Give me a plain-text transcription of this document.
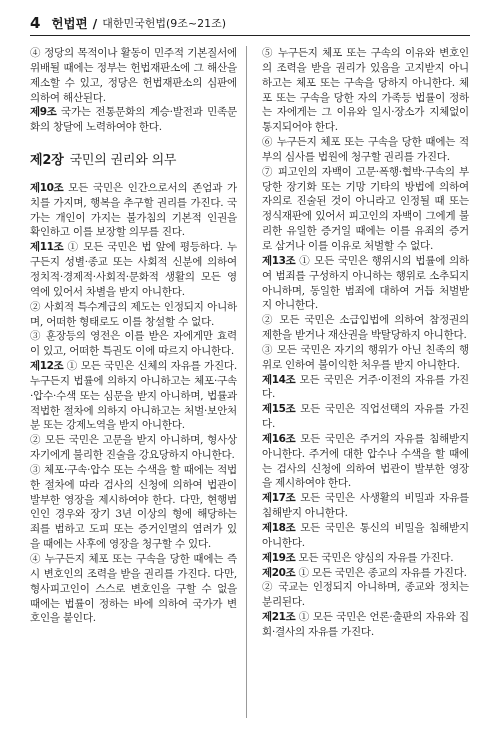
4 헌법편 / 대한민국헌법(9조~21조)

④ 정당의 목적이나 활동이 민주적 기본질서에 위배될 때에는 정부는 헌법재판소에 그 해산을 제소할 수 있고, 정당은 헌법재판소의 심판에 의하여 해산된다.

제9조 국가는 전통문화의 계승·발전과 민족문화의 창달에 노력하여야 한다.

제2장 국민의 권리와 의무

제10조 모든 국민은 인간으로서의 존엄과 가치를 가지며, 행복을 추구할 권리를 가진다. 국가는 개인이 가지는 불가침의 기본적 인권을 확인하고 이를 보장할 의무를 진다.

제11조 ① 모든 국민은 법 앞에 평등하다. 누구든지 성별·종교 또는 사회적 신분에 의하여 정치적·경제적·사회적·문화적 생활의 모든 영역에 있어서 차별을 받지 아니한다.

② 사회적 특수계급의 제도는 인정되지 아니하며, 어떠한 형태로도 이를 창설할 수 없다.

③ 훈장등의 영전은 이를 받은 자에게만 효력이 있고, 어떠한 특권도 이에 따르지 아니한다.

제12조 ① 모든 국민은 신체의 자유를 가진다. 누구든지 법률에 의하지 아니하고는 체포·구속·압수·수색 또는 심문을 받지 아니하며, 법률과 적법한 절차에 의하지 아니하고는 처벌·보안처분 또는 강제노역을 받지 아니한다.

② 모든 국민은 고문을 받지 아니하며, 형사상 자기에게 불리한 진술을 강요당하지 아니한다.

③ 체포·구속·압수 또는 수색을 할 때에는 적법한 절차에 따라 검사의 신청에 의하여 법관이 발부한 영장을 제시하여야 한다. 다만, 현행범인인 경우와 장기 3년 이상의 형에 해당하는 죄를 범하고 도피 또는 증거인멸의 염려가 있을 때에는 사후에 영장을 청구할 수 있다.

④ 누구든지 체포 또는 구속을 당한 때에는 즉시 변호인의 조력을 받을 권리를 가진다. 다만, 형사피고인이 스스로 변호인을 구할 수 없을 때에는 법률이 정하는 바에 의하여 국가가 변호인을 붙인다.

⑤ 누구든지 체포 또는 구속의 이유와 변호인의 조력을 받을 권리가 있음을 고지받지 아니하고는 체포 또는 구속을 당하지 아니한다. 체포 또는 구속을 당한 자의 가족등 법률이 정하는 자에게는 그 이유와 일시·장소가 지체없이 통지되어야 한다.

⑥ 누구든지 체포 또는 구속을 당한 때에는 적부의 심사를 법원에 청구할 권리를 가진다.

⑦ 피고인의 자백이 고문·폭행·협박·구속의 부당한 장기화 또는 기망 기타의 방법에 의하여 자의로 진술된 것이 아니라고 인정될 때 또는 정식재판에 있어서 피고인의 자백이 그에게 불리한 유일한 증거일 때에는 이를 유죄의 증거로 삼거나 이를 이유로 처벌할 수 없다.

제13조 ① 모든 국민은 행위시의 법률에 의하여 범죄를 구성하지 아니하는 행위로 소추되지 아니하며, 동일한 범죄에 대하여 거듭 처벌받지 아니한다.

② 모든 국민은 소급입법에 의하여 참정권의 제한을 받거나 재산권을 박탈당하지 아니한다.

③ 모든 국민은 자기의 행위가 아닌 친족의 행위로 인하여 불이익한 처우를 받지 아니한다.

제14조 모든 국민은 거주·이전의 자유를 가진다.

제15조 모든 국민은 직업선택의 자유를 가진다.

제16조 모든 국민은 주거의 자유를 침해받지 아니한다. 주거에 대한 압수나 수색을 할 때에는 검사의 신청에 의하여 법관이 발부한 영장을 제시하여야 한다.

제17조 모든 국민은 사생활의 비밀과 자유를 침해받지 아니한다.

제18조 모든 국민은 통신의 비밀을 침해받지 아니한다.

제19조 모든 국민은 양심의 자유를 가진다.

제20조 ① 모든 국민은 종교의 자유를 가진다.

② 국교는 인정되지 아니하며, 종교와 정치는 분리된다.

제21조 ① 모든 국민은 언론·출판의 자유와 집회·결사의 자유를 가진다.
